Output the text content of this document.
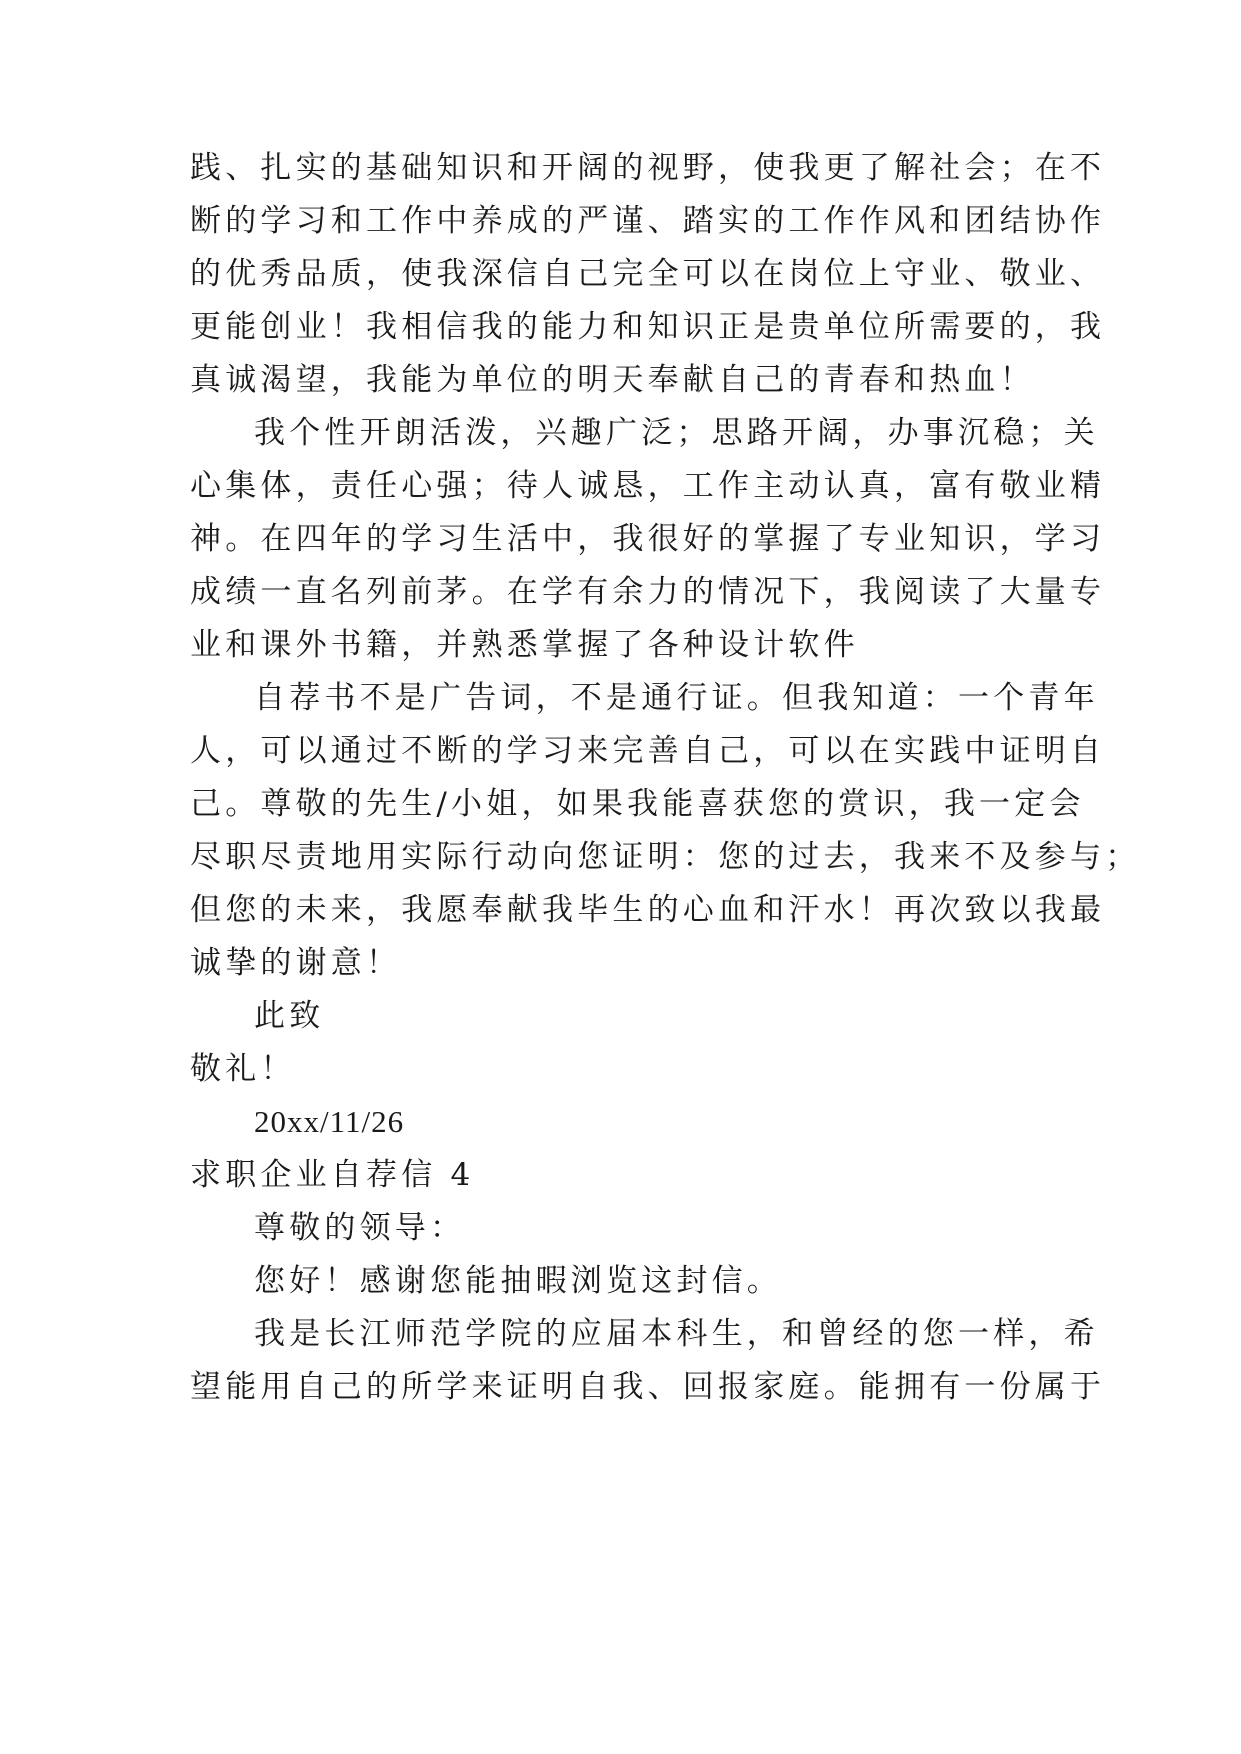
践、扎实的基础知识和开阔的视野，使我更了解社会；在不
断的学习和工作中养成的严谨、踏实的工作作风和团结协作
的优秀品质，使我深信自己完全可以在岗位上守业、敬业、
更能创业！我相信我的能力和知识正是贵单位所需要的，我
真诚渴望，我能为单位的明天奉献自己的青春和热血！
我个性开朗活泼，兴趣广泛；思路开阔，办事沉稳；关
心集体，责任心强；待人诚恳，工作主动认真，富有敬业精
神。在四年的学习生活中，我很好的掌握了专业知识，学习
成绩一直名列前茅。在学有余力的情况下，我阅读了大量专
业和课外书籍，并熟悉掌握了各种设计软件
自荐书不是广告词，不是通行证。但我知道：一个青年
人，可以通过不断的学习来完善自己，可以在实践中证明自
己。尊敬的先生/小姐，如果我能喜获您的赏识，我一定会
尽职尽责地用实际行动向您证明：您的过去，我来不及参与；
但您的未来，我愿奉献我毕生的心血和汗水！再次致以我最
诚挚的谢意！
此致
敬礼！
20xx/11/26
求职企业自荐信 4
尊敬的领导：
您好！感谢您能抽暇浏览这封信。
我是长江师范学院的应届本科生，和曾经的您一样，希
望能用自己的所学来证明自我、回报家庭。能拥有一份属于
